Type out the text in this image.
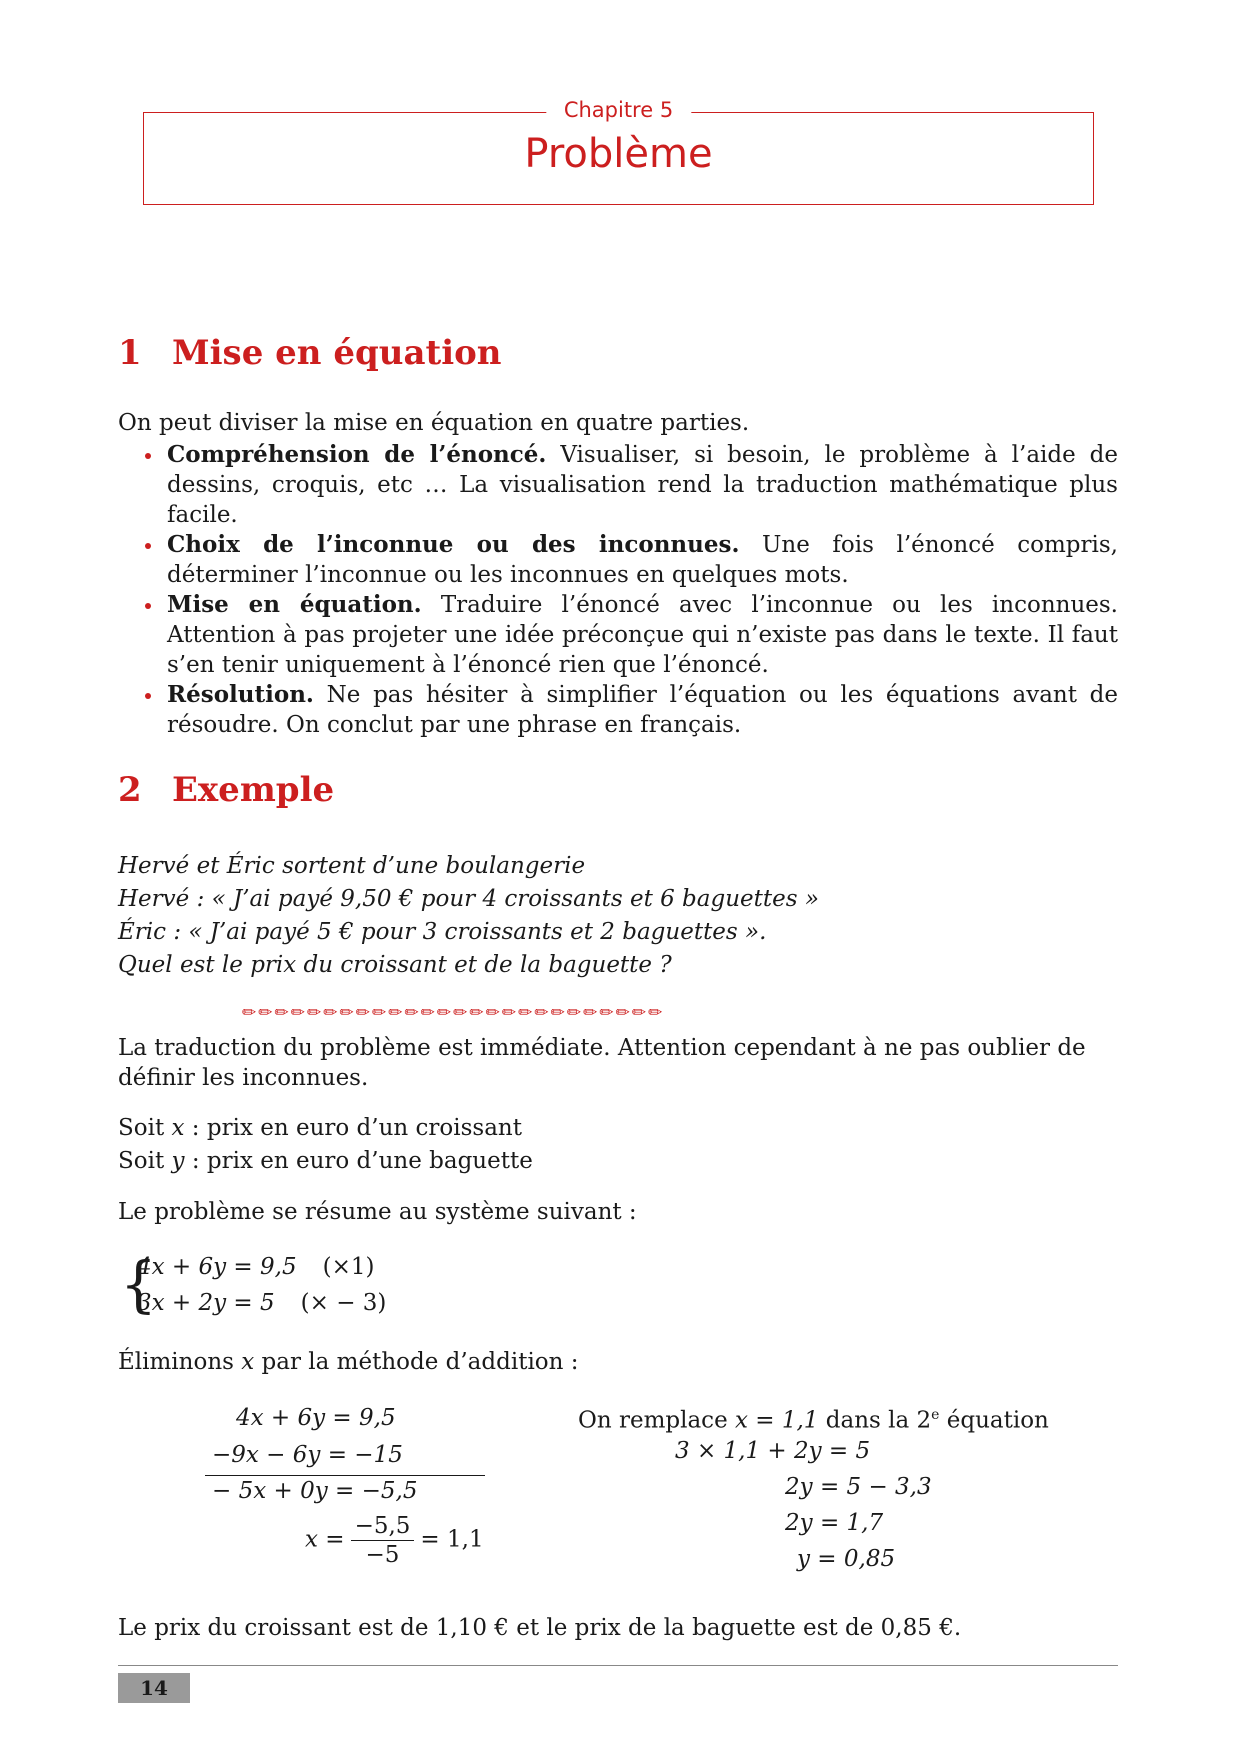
Chapitre 5
Problème
1 Mise en équation
On peut diviser la mise en équation en quatre parties.
Compréhension de l’énoncé. Visualiser, si besoin, le problème à l’aide de dessins, croquis, etc … La visualisation rend la traduction mathématique plus facile.
Choix de l’inconnue ou des inconnues. Une fois l’énoncé compris, déterminer l’inconnue ou les inconnues en quelques mots.
Mise en équation. Traduire l’énoncé avec l’inconnue ou les inconnues. Attention à pas projeter une idée préconçue qui n’existe pas dans le texte. Il faut s’en tenir uniquement à l’énoncé rien que l’énoncé.
Résolution. Ne pas hésiter à simplifier l’équation ou les équations avant de résoudre. On conclut par une phrase en français.
2 Exemple
Hervé et Éric sortent d’une boulangerie
Hervé : « J’ai payé 9,50 € pour 4 croissants et 6 baguettes »
Éric : « J’ai payé 5 € pour 3 croissants et 2 baguettes ».
Quel est le prix du croissant et de la baguette ?
✏✏✏✏✏✏✏✏✏✏✏✏✏✏✏✏✏✏✏✏✏✏✏✏✏✏
La traduction du problème est immédiate. Attention cependant à ne pas oublier de définir les inconnues.
Soit x : prix en euro d’un croissant
Soit y : prix en euro d’une baguette
Le problème se résume au système suivant :
{
4x + 6y = 9,5 (×1)
3x + 2y = 5 (× − 3)
Éliminons x par la méthode d’addition :
4x + 6y = 9,5
−9x − 6y = −15
− 5x + 0y = −5,5
$x = \frac{-5,5}{-5} = 1,1$
On remplace x = 1,1 dans la 2e équation
3 × 1,1 + 2y = 5
2y = 5 − 3,3
2y = 1,7
y = 0,85
Le prix du croissant est de 1,10 € et le prix de la baguette est de 0,85 €.
14
